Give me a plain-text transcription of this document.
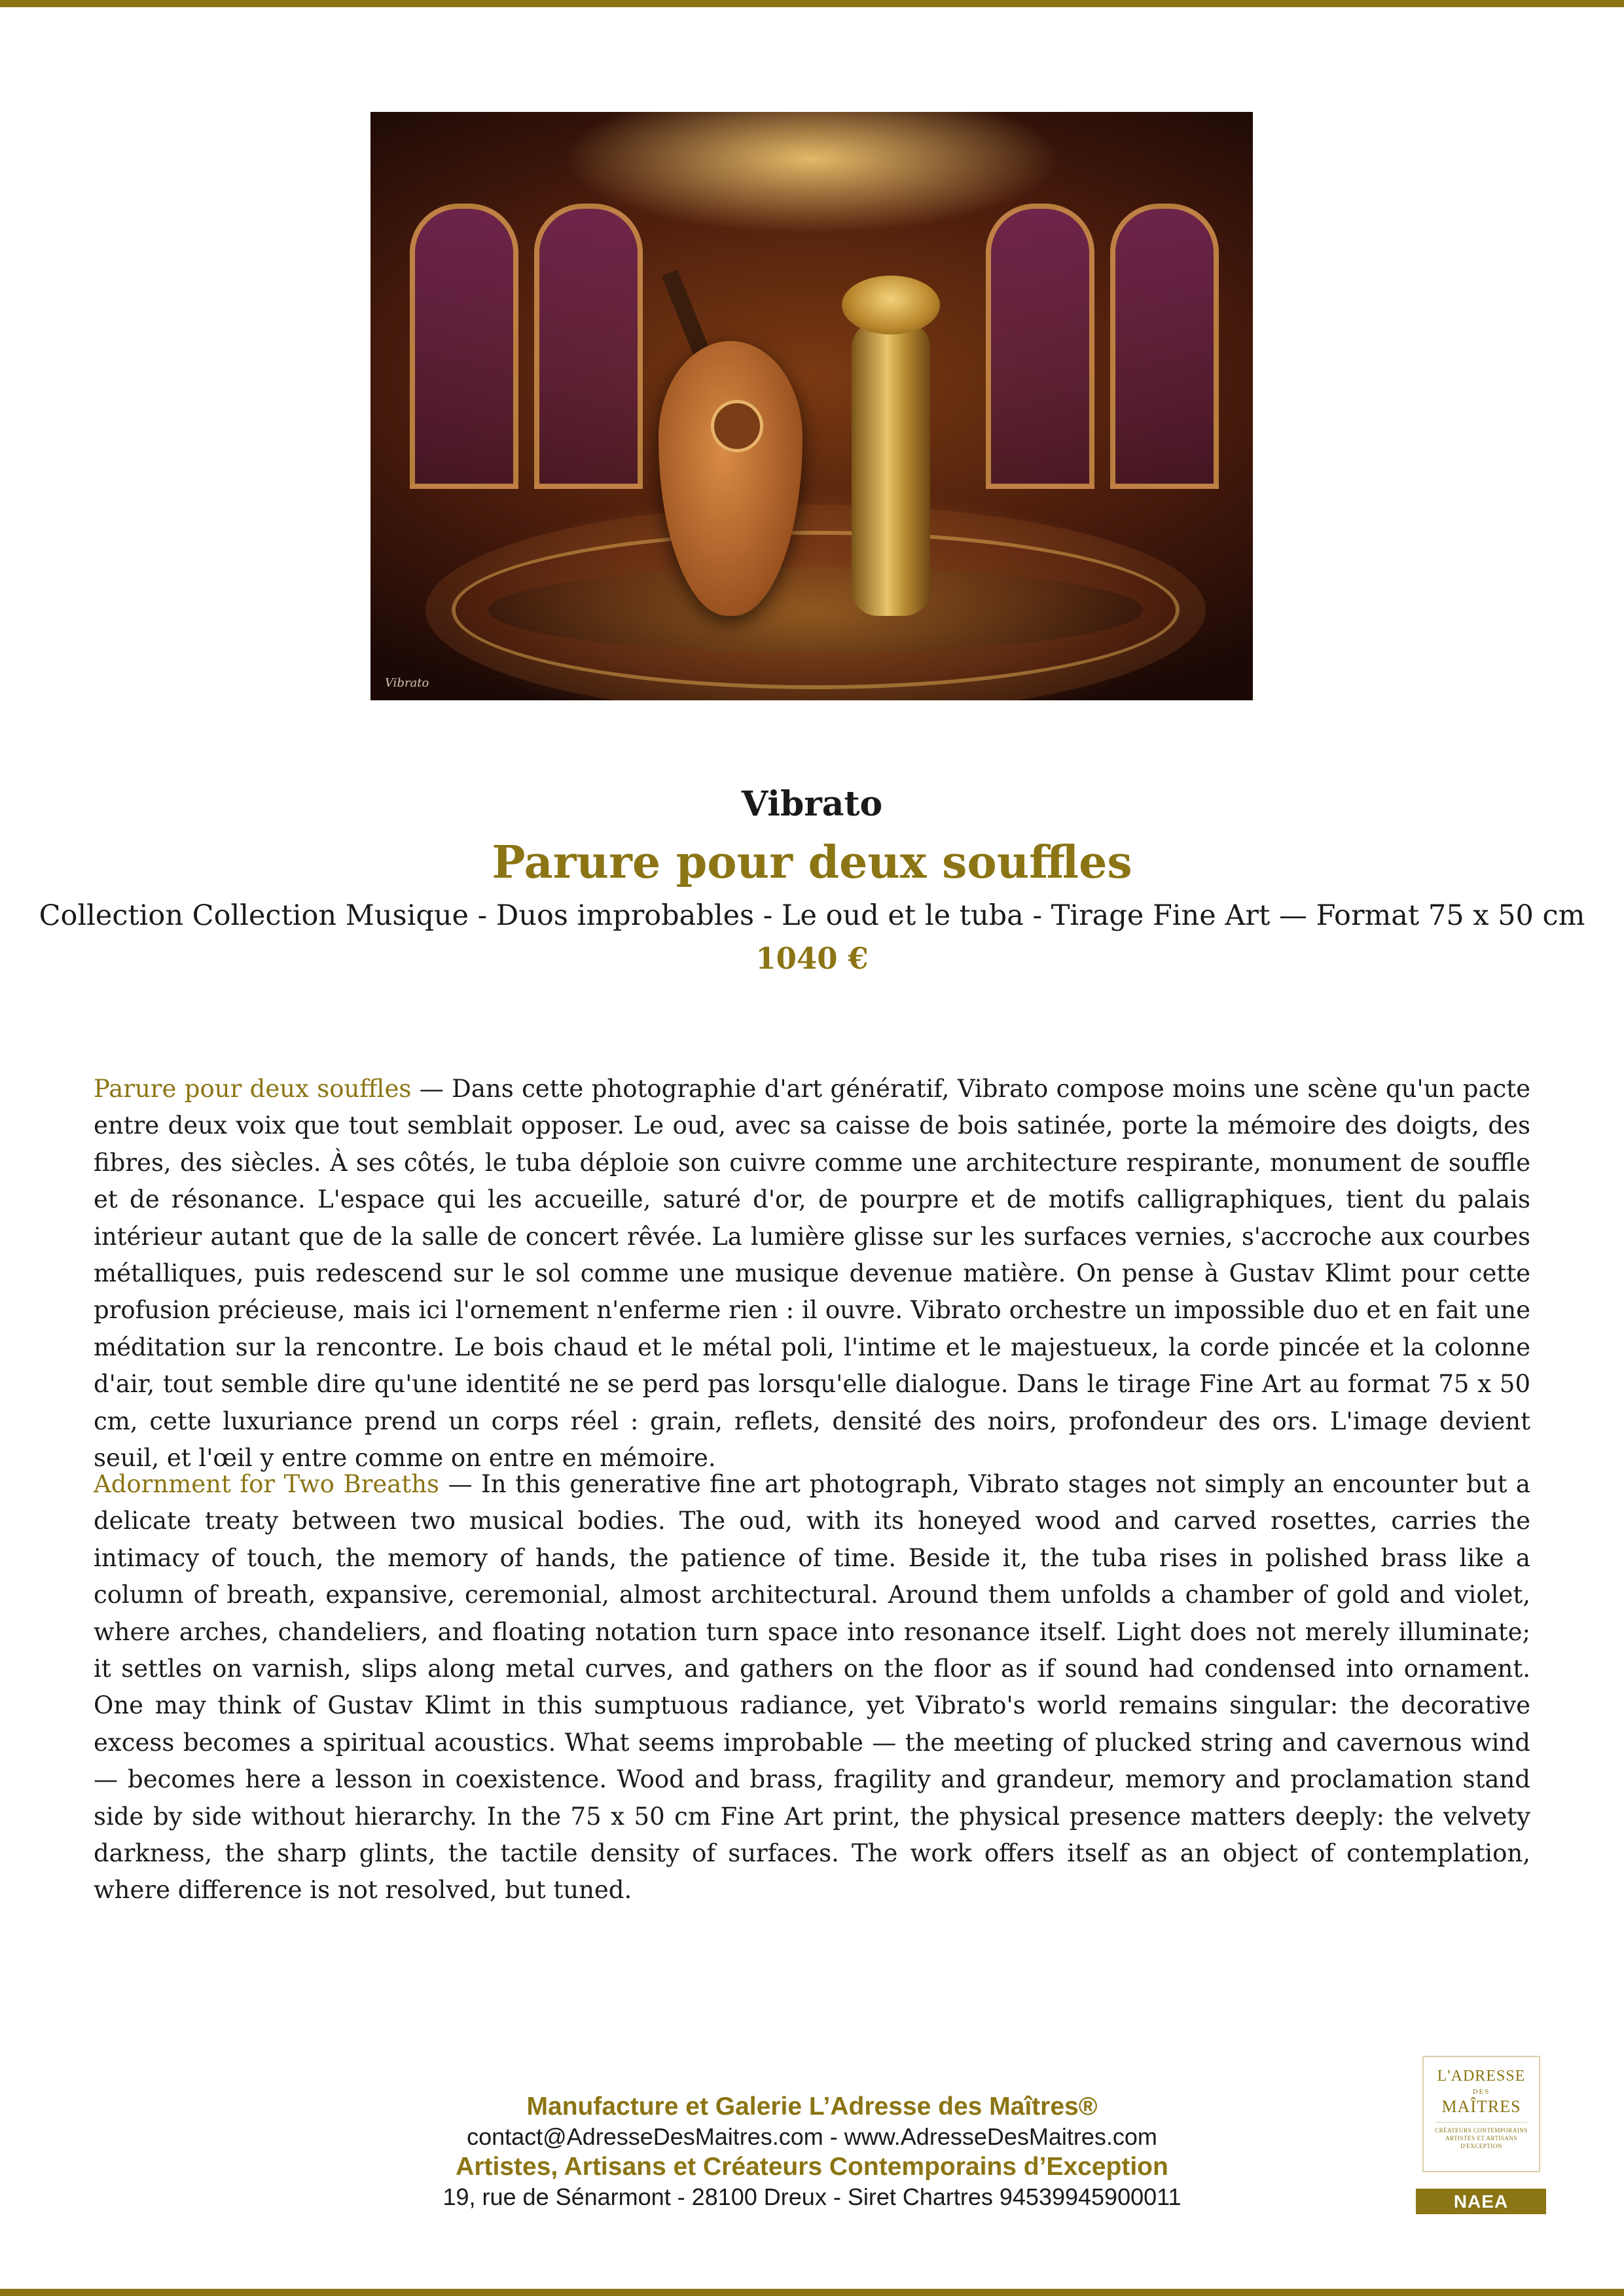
Vibrato
Vibrato
Parure pour deux souffles
Collection Collection Musique - Duos improbables - Le oud et le tuba - Tirage Fine Art — Format 75 x 50 cm
1040 €

Parure pour deux souffles — Dans cette photographie d'art génératif, Vibrato compose moins une scène qu'un pacte entre deux voix que tout semblait opposer. Le oud, avec sa caisse de bois satinée, porte la mémoire des doigts, des fibres, des siècles. À ses côtés, le tuba déploie son cuivre comme une architecture respirante, monument de souffle et de résonance. L'espace qui les accueille, saturé d'or, de pourpre et de motifs calligraphiques, tient du palais intérieur autant que de la salle de concert rêvée. La lumière glisse sur les surfaces vernies, s'accroche aux courbes métalliques, puis redescend sur le sol comme une musique devenue matière. On pense à Gustav Klimt pour cette profusion précieuse, mais ici l'ornement n'enferme rien : il ouvre. Vibrato orchestre un impossible duo et en fait une méditation sur la rencontre. Le bois chaud et le métal poli, l'intime et le majestueux, la corde pincée et la colonne d'air, tout semble dire qu'une identité ne se perd pas lorsqu'elle dialogue. Dans le tirage Fine Art au format 75 x 50 cm, cette luxuriance prend un corps réel : grain, reflets, densité des noirs, profondeur des ors. L'image devient seuil, et l'œil y entre comme on entre en mémoire.

Adornment for Two Breaths — In this generative fine art photograph, Vibrato stages not simply an encounter but a delicate treaty between two musical bodies. The oud, with its honeyed wood and carved rosettes, carries the intimacy of touch, the memory of hands, the patience of time. Beside it, the tuba rises in polished brass like a column of breath, expansive, ceremonial, almost architectural. Around them unfolds a chamber of gold and violet, where arches, chandeliers, and floating notation turn space into resonance itself. Light does not merely illuminate; it settles on varnish, slips along metal curves, and gathers on the floor as if sound had condensed into ornament. One may think of Gustav Klimt in this sumptuous radiance, yet Vibrato's world remains singular: the decorative excess becomes a spiritual acoustics. What seems improbable — the meeting of plucked string and cavernous wind — becomes here a lesson in coexistence. Wood and brass, fragility and grandeur, memory and proclamation stand side by side without hierarchy. In the 75 x 50 cm Fine Art print, the physical presence matters deeply: the velvety darkness, the sharp glints, the tactile density of surfaces. The work offers itself as an object of contemplation, where difference is not resolved, but tuned.

Manufacture et Galerie L’Adresse des Maîtres®
contact@AdresseDesMaitres.com - www.AdresseDesMaitres.com
Artistes, Artisans et Créateurs Contemporains d’Exception
19, rue de Sénarmont - 28100 Dreux - Siret Chartres 94539945900011
L'ADRESSE
DES
MAÎTRES
CRÉATEURS CONTEMPORAINS ARTISTES ET ARTISANS D'EXCEPTION
NAEA
